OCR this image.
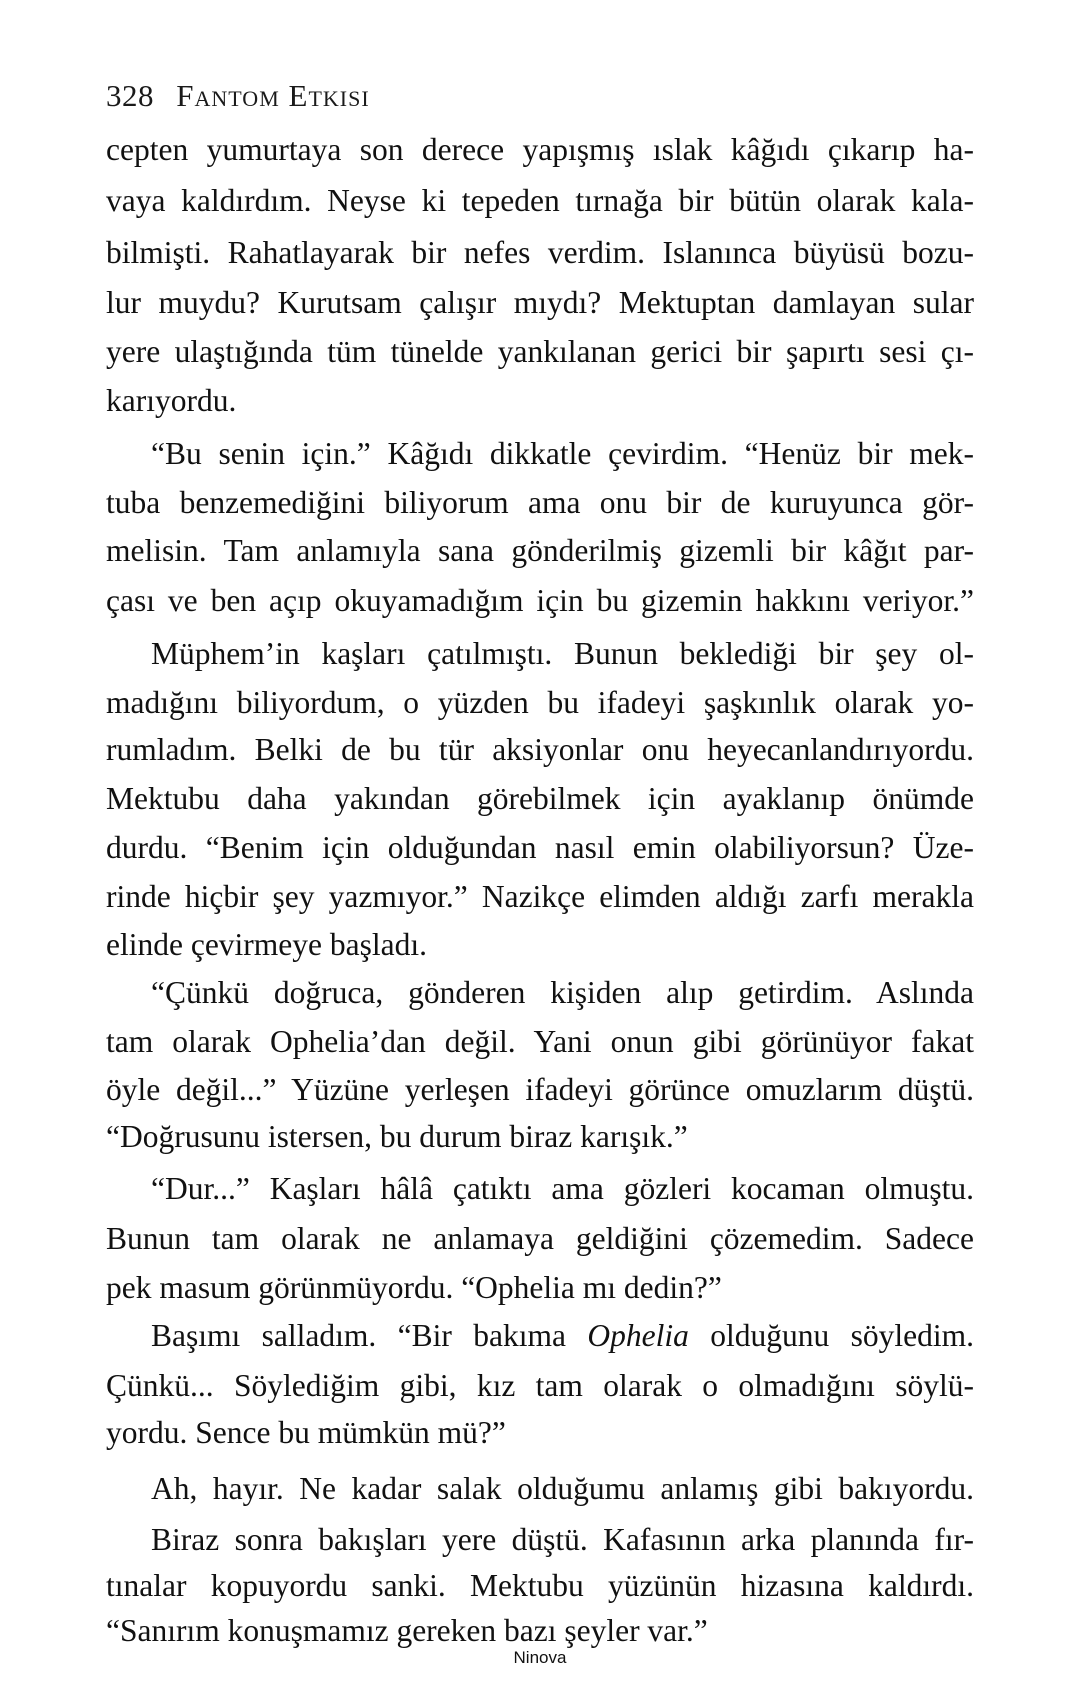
328 Fantom Etkisi
cepten yumurtaya son derece yapışmış ıslak kâğıdı çıkarıp ha-
vaya kaldırdım. Neyse ki tepeden tırnağa bir bütün olarak kala-
bilmişti. Rahatlayarak bir nefes verdim. Islanınca büyüsü bozu-
lur muydu? Kurutsam çalışır mıydı? Mektuptan damlayan sular
yere ulaştığında tüm tünelde yankılanan gerici bir şapırtı sesi çı-
karıyordu.
“Bu senin için.” Kâğıdı dikkatle çevirdim. “Henüz bir mek-
tuba benzemediğini biliyorum ama onu bir de kuruyunca gör-
melisin. Tam anlamıyla sana gönderilmiş gizemli bir kâğıt par-
çası ve ben açıp okuyamadığım için bu gizemin hakkını veriyor.”
Müphem’in kaşları çatılmıştı. Bunun beklediği bir şey ol-
madığını biliyordum, o yüzden bu ifadeyi şaşkınlık olarak yo-
rumladım. Belki de bu tür aksiyonlar onu heyecanlandırıyordu.
Mektubu daha yakından görebilmek için ayaklanıp önümde
durdu. “Benim için olduğundan nasıl emin olabiliyorsun? Üze-
rinde hiçbir şey yazmıyor.” Nazikçe elimden aldığı zarfı merakla
elinde çevirmeye başladı.
“Çünkü doğruca, gönderen kişiden alıp getirdim. Aslında
tam olarak Ophelia’dan değil. Yani onun gibi görünüyor fakat
öyle değil...” Yüzüne yerleşen ifadeyi görünce omuzlarım düştü.
“Doğrusunu istersen, bu durum biraz karışık.”
“Dur...” Kaşları hâlâ çatıktı ama gözleri kocaman olmuştu.
Bunun tam olarak ne anlamaya geldiğini çözemedim. Sadece
pek masum görünmüyordu. “Ophelia mı dedin?”
Başımı salladım. “Bir bakıma Ophelia olduğunu söyledim.
Çünkü... Söylediğim gibi, kız tam olarak o olmadığını söylü-
yordu. Sence bu mümkün mü?”
Ah, hayır. Ne kadar salak olduğumu anlamış gibi bakıyordu.
Biraz sonra bakışları yere düştü. Kafasının arka planında fır-
tınalar kopuyordu sanki. Mektubu yüzünün hizasına kaldırdı.
“Sanırım konuşmamız gereken bazı şeyler var.”
Ninova
